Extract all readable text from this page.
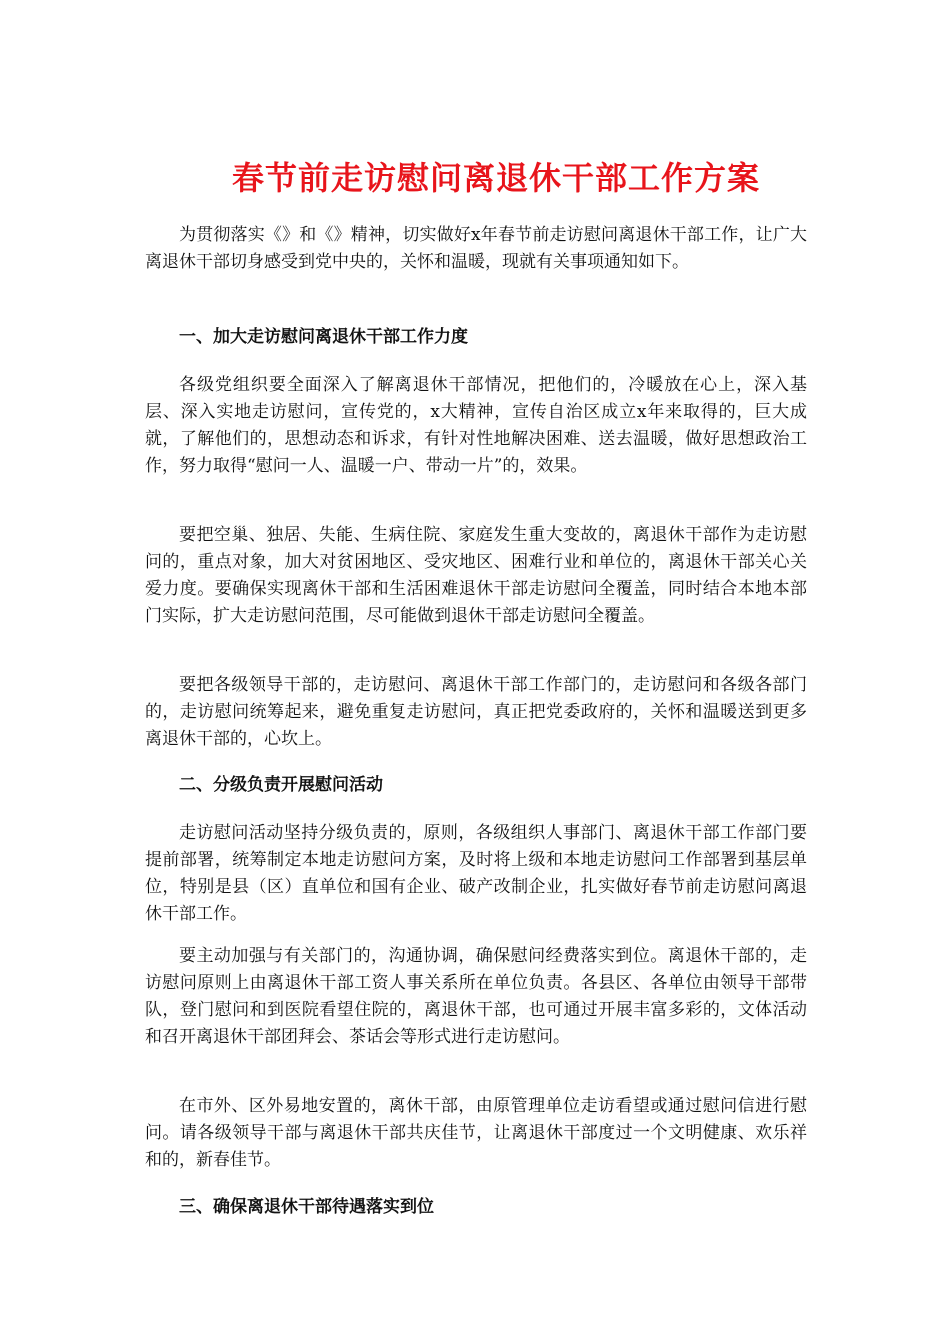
春节前走访慰问离退休干部工作方案

为贯彻落实《》和《》精神，切实做好x年春节前走访慰问离退休干部工作，让广大离退休干部切身感受到党中央的，关怀和温暖，现就有关事项通知如下。

一、加大走访慰问离退休干部工作力度

各级党组织要全面深入了解离退休干部情况，把他们的，冷暖放在心上，深入基层、深入实地走访慰问，宣传党的，x大精神，宣传自治区成立x年来取得的，巨大成就，了解他们的，思想动态和诉求，有针对性地解决困难、送去温暖，做好思想政治工作，努力取得“慰问一人、温暖一户、带动一片”的，效果。

要把空巢、独居、失能、生病住院、家庭发生重大变故的，离退休干部作为走访慰问的，重点对象，加大对贫困地区、受灾地区、困难行业和单位的，离退休干部关心关爱力度。要确保实现离休干部和生活困难退休干部走访慰问全覆盖，同时结合本地本部门实际，扩大走访慰问范围，尽可能做到退休干部走访慰问全覆盖。

要把各级领导干部的，走访慰问、离退休干部工作部门的，走访慰问和各级各部门的，走访慰问统筹起来，避免重复走访慰问，真正把党委政府的，关怀和温暖送到更多离退休干部的，心坎上。

二、分级负责开展慰问活动

走访慰问活动坚持分级负责的，原则，各级组织人事部门、离退休干部工作部门要提前部署，统筹制定本地走访慰问方案，及时将上级和本地走访慰问工作部署到基层单位，特别是县（区）直单位和国有企业、破产改制企业，扎实做好春节前走访慰问离退休干部工作。

要主动加强与有关部门的，沟通协调，确保慰问经费落实到位。离退休干部的，走访慰问原则上由离退休干部工资人事关系所在单位负责。各县区、各单位由领导干部带队，登门慰问和到医院看望住院的，离退休干部，也可通过开展丰富多彩的，文体活动和召开离退休干部团拜会、茶话会等形式进行走访慰问。

在市外、区外易地安置的，离休干部，由原管理单位走访看望或通过慰问信进行慰问。请各级领导干部与离退休干部共庆佳节，让离退休干部度过一个文明健康、欢乐祥和的，新春佳节。

三、确保离退休干部待遇落实到位
